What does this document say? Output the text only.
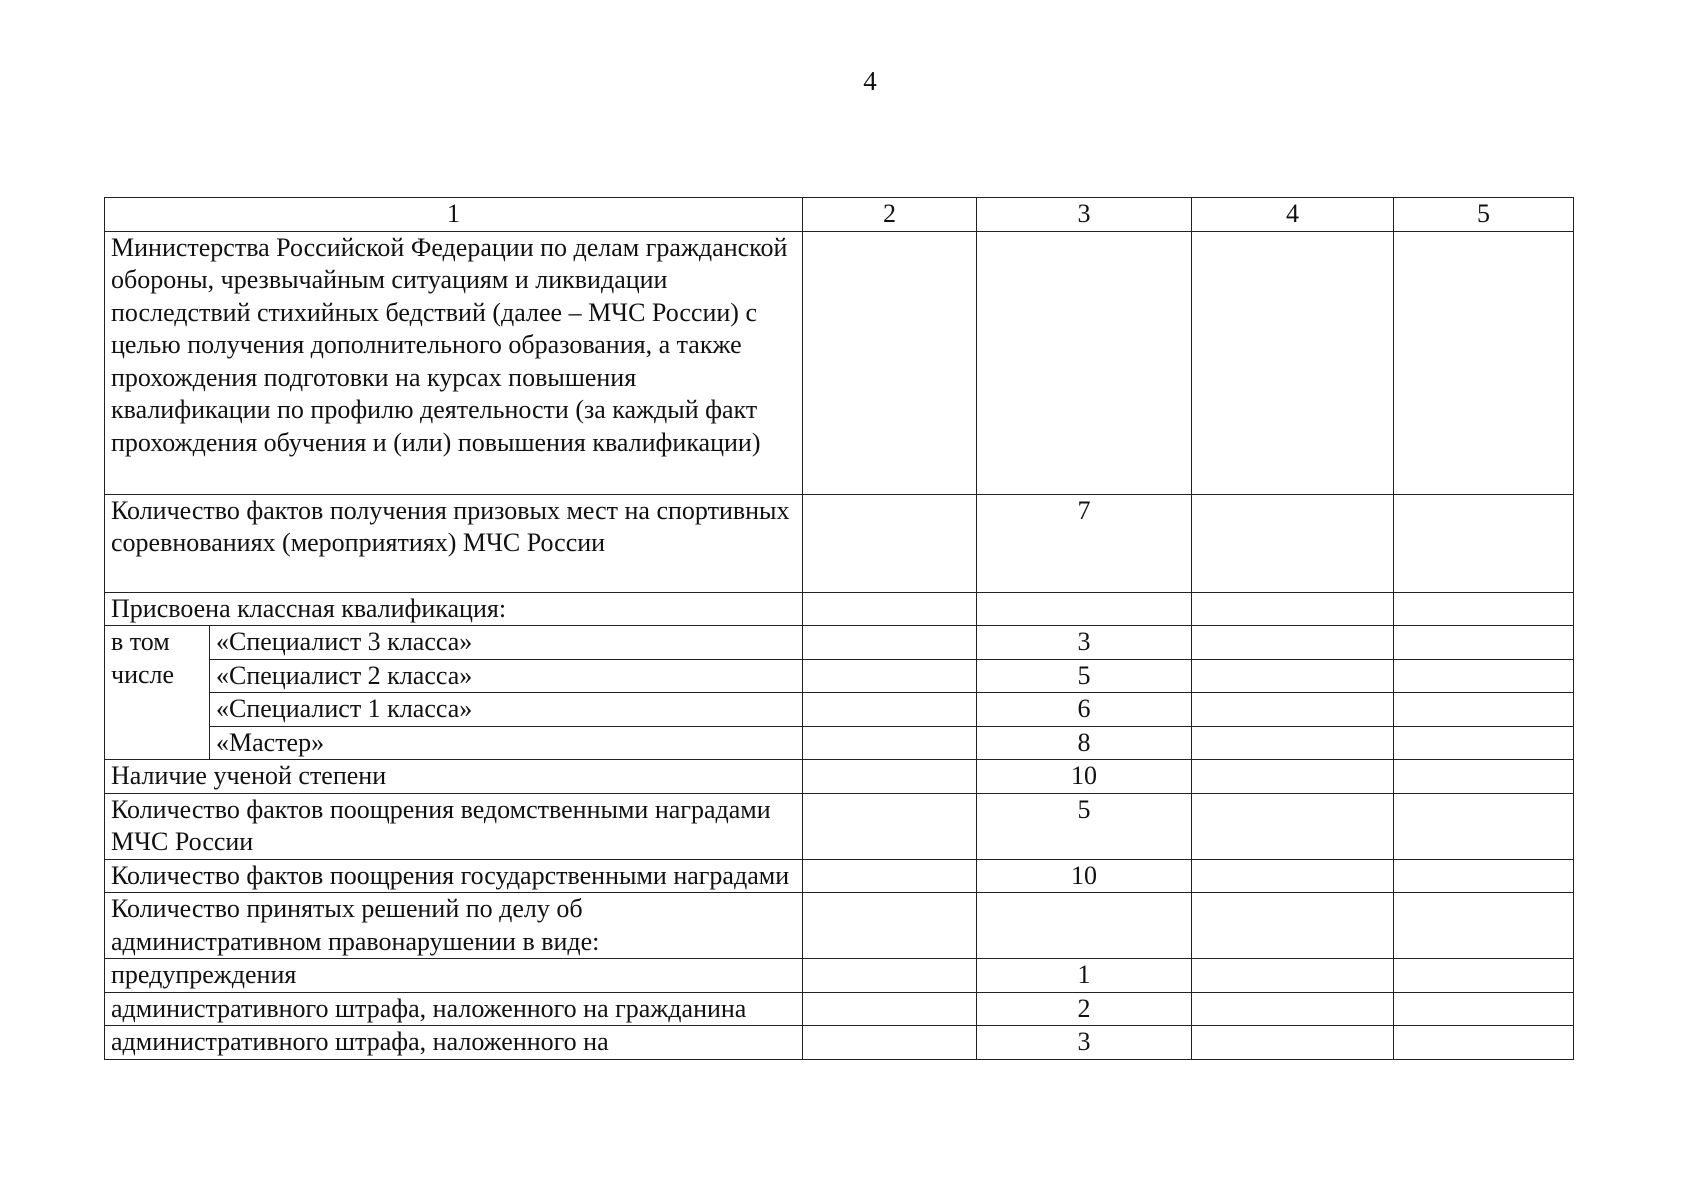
4
1		2	3	4	5
Министерства Российской Федерации по делам гражданской обороны, чрезвычайным ситуациям и ликвидации последствий стихийных бедствий (далее – МЧС России) с целью получения дополнительного образования, а также прохождения подготовки на курсах повышения квалификации по профилю деятельности (за каждый факт прохождения обучения и (или) повышения квалификации)					
Количество фактов получения призовых мест на спортивных соревнованиях (мероприятиях) МЧС России			7		
Присвоена классная квалификация:					
в том числе	«Специалист 3 класса»		3		
	«Специалист 2 класса»		5		
	«Специалист 1 класса»		6		
	«Мастер»		8		
Наличие ученой степени			10		
Количество фактов поощрения ведомственными наградами МЧС России			5		
Количество фактов поощрения государственными наградами			10		
Количество принятых решений по делу об административном правонарушении в виде:					
предупреждения			1		
административного штрафа, наложенного на гражданина			2		
административного штрафа, наложенного на			3		
